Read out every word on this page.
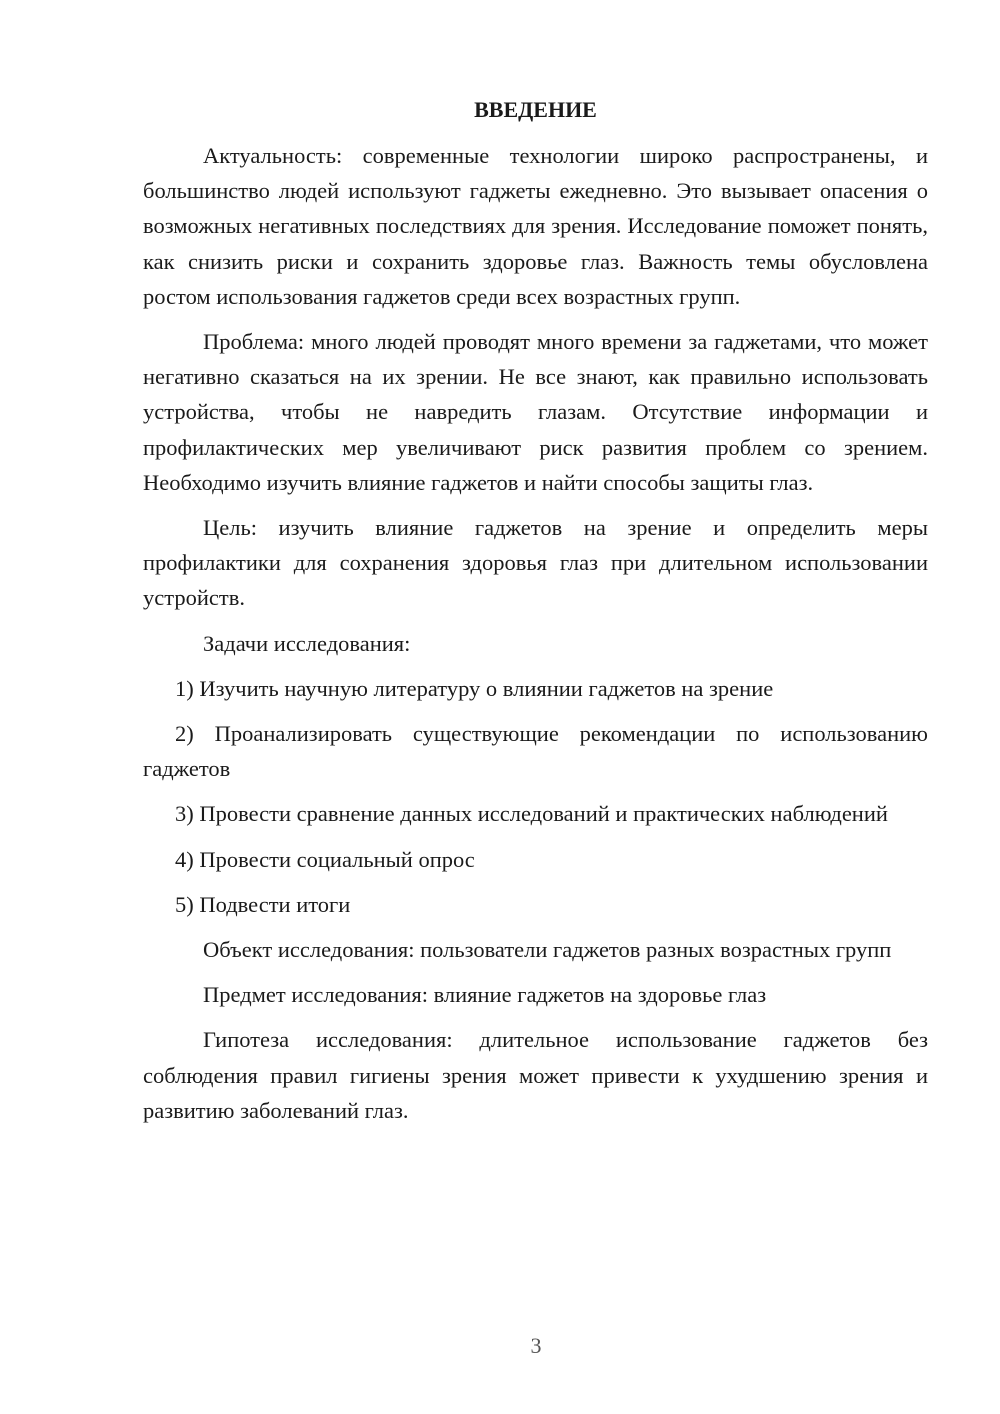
ВВЕДЕНИЕ

Актуальность: современные технологии широко распространены, и большинство людей используют гаджеты ежедневно. Это вызывает опасения о возможных негативных последствиях для зрения. Исследование поможет понять, как снизить риски и сохранить здоровье глаз. Важность темы обусловлена ростом использования гаджетов среди всех возрастных групп.

Проблема: много людей проводят много времени за гаджетами, что может негативно сказаться на их зрении. Не все знают, как правильно использовать устройства, чтобы не навредить глазам. Отсутствие информации и профилактических мер увеличивают риск развития проблем со зрением. Необходимо изучить влияние гаджетов и найти способы защиты глаз.

Цель: изучить влияние гаджетов на зрение и определить меры профилактики для сохранения здоровья глаз при длительном использовании устройств.

Задачи исследования:

1) Изучить научную литературу о влиянии гаджетов на зрение

2) Проанализировать существующие рекомендации по использованию гаджетов

3) Провести сравнение данных исследований и практических наблюдений

4) Провести социальный опрос

5) Подвести итоги

Объект исследования: пользователи гаджетов разных возрастных групп

Предмет исследования: влияние гаджетов на здоровье глаз

Гипотеза исследования: длительное использование гаджетов без соблюдения правил гигиены зрения может привести к ухудшению зрения и развитию заболеваний глаз.

3
